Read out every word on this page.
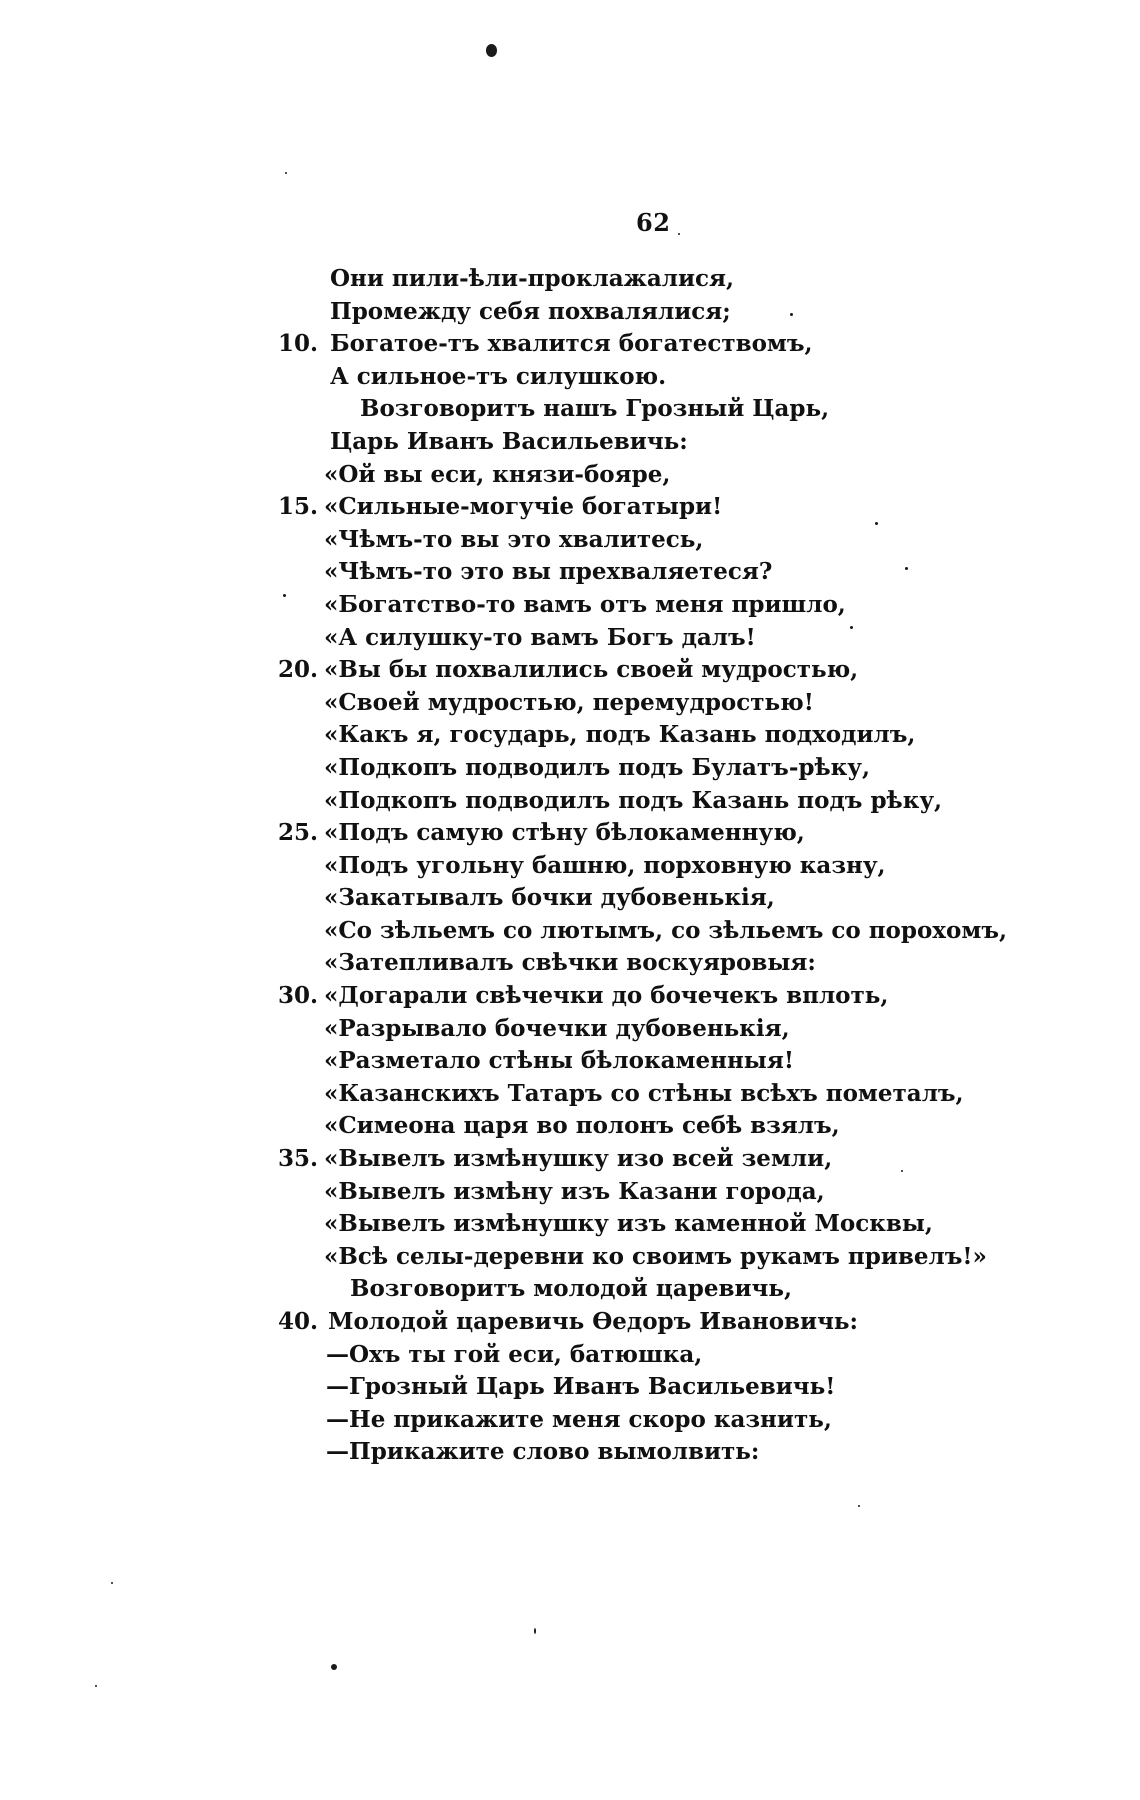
62
Они пили-ѣли-проклажалися,
Промежду себя похвалялися;
10. Богатое-тъ хвалится богатествомъ,
А сильное-тъ силушкою.
Возговоритъ нашъ Грозный Царь,
Царь Иванъ Васильевичь:
«Ой вы еси, князи-бояре,
15. «Сильные-могучіе богатыри!
«Чѣмъ-то вы это хвалитесь,
«Чѣмъ-то это вы прехваляетеся?
«Богатство-то вамъ отъ меня пришло,
«А силушку-то вамъ Богъ далъ!
20. «Вы бы похвалились своей мудростью,
«Своей мудростью, перемудростью!
«Какъ я, государь, подъ Казань подходилъ,
«Подкопъ подводилъ подъ Булатъ-рѣку,
«Подкопъ подводилъ подъ Казань подъ рѣку,
25. «Подъ самую стѣну бѣлокаменную,
«Подъ угольну башню, порховную казну,
«Закатывалъ бочки дубовенькія,
«Со зѣльемъ со лютымъ, со зѣльемъ со порохомъ,
«Затепливалъ свѣчки воскуяровыя:
30. «Догарали свѣчечки до бочечекъ вплоть,
«Разрывало бочечки дубовенькія,
«Разметало стѣны бѣлокаменныя!
«Казанскихъ Татаръ со стѣны всѣхъ пометалъ,
«Симеона царя во полонъ себѣ взялъ,
35. «Вывелъ измѣнушку изо всей земли,
«Вывелъ измѣну изъ Казани города,
«Вывелъ измѣнушку изъ каменной Москвы,
«Всѣ селы-деревни ко своимъ рукамъ привелъ!»
Возговоритъ молодой царевичь,
40. Молодой царевичь Ѳедоръ Ивановичь:
—Охъ ты гой еси, батюшка,
—Грозный Царь Иванъ Васильевичь!
—Не прикажите меня скоро казнить,
—Прикажите слово вымолвить:
